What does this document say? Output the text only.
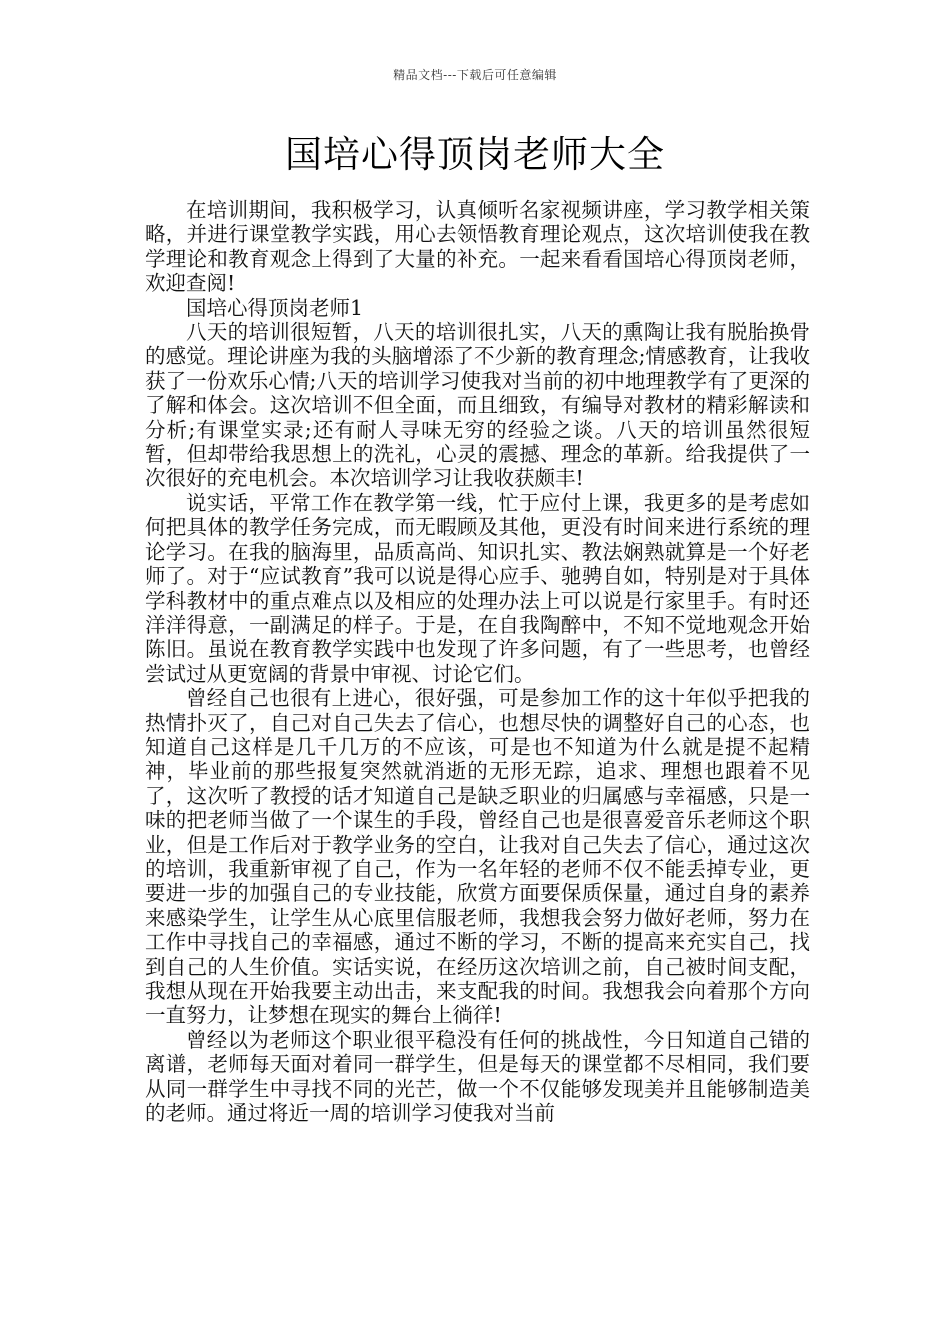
精品文档---下载后可任意编辑
国培心得顶岗老师大全

在培训期间，我积极学习，认真倾听名家视频讲座，学习教学相关策略，并进行课堂教学实践，用心去领悟教育理论观点，这次培训使我在教学理论和教育观念上得到了大量的补充。一起来看看国培心得顶岗老师，欢迎查阅!

国培心得顶岗老师1

八天的培训很短暂，八天的培训很扎实，八天的熏陶让我有脱胎换骨的感觉。理论讲座为我的头脑增添了不少新的教育理念;情感教育，让我收获了一份欢乐心情;八天的培训学习使我对当前的初中地理教学有了更深的了解和体会。这次培训不但全面，而且细致，有编导对教材的精彩解读和分析;有课堂实录;还有耐人寻味无穷的经验之谈。八天的培训虽然很短暂，但却带给我思想上的洗礼，心灵的震撼、理念的革新。给我提供了一次很好的充电机会。本次培训学习让我收获颇丰!

说实话，平常工作在教学第一线，忙于应付上课，我更多的是考虑如何把具体的教学任务完成，而无暇顾及其他，更没有时间来进行系统的理论学习。在我的脑海里，品质高尚、知识扎实、教法娴熟就算是一个好老师了。对于“应试教育”我可以说是得心应手、驰骋自如，特别是对于具体学科教材中的重点难点以及相应的处理办法上可以说是行家里手。有时还洋洋得意，一副满足的样子。于是，在自我陶醉中，不知不觉地观念开始陈旧。虽说在教育教学实践中也发现了许多问题，有了一些思考，也曾经尝试过从更宽阔的背景中审视、讨论它们。

曾经自己也很有上进心，很好强，可是参加工作的这十年似乎把我的热情扑灭了，自己对自己失去了信心，也想尽快的调整好自己的心态，也知道自己这样是几千几万的不应该，可是也不知道为什么就是提不起精神，毕业前的那些报复突然就消逝的无形无踪，追求、理想也跟着不见了，这次听了教授的话才知道自己是缺乏职业的归属感与幸福感，只是一味的把老师当做了一个谋生的手段，曾经自己也是很喜爱音乐老师这个职业，但是工作后对于教学业务的空白，让我对自己失去了信心，通过这次的培训，我重新审视了自己，作为一名年轻的老师不仅不能丢掉专业，更要进一步的加强自己的专业技能，欣赏方面要保质保量，通过自身的素养来感染学生，让学生从心底里信服老师，我想我会努力做好老师，努力在工作中寻找自己的幸福感，通过不断的学习，不断的提高来充实自己，找到自己的人生价值。实话实说，在经历这次培训之前，自己被时间支配，我想从现在开始我要主动出击，来支配我的时间。我想我会向着那个方向一直努力，让梦想在现实的舞台上徜徉!

曾经以为老师这个职业很平稳没有任何的挑战性，今日知道自己错的离谱，老师每天面对着同一群学生，但是每天的课堂都不尽相同，我们要从同一群学生中寻找不同的光芒，做一个不仅能够发现美并且能够制造美的老师。通过将近一周的培训学习使我对当前
